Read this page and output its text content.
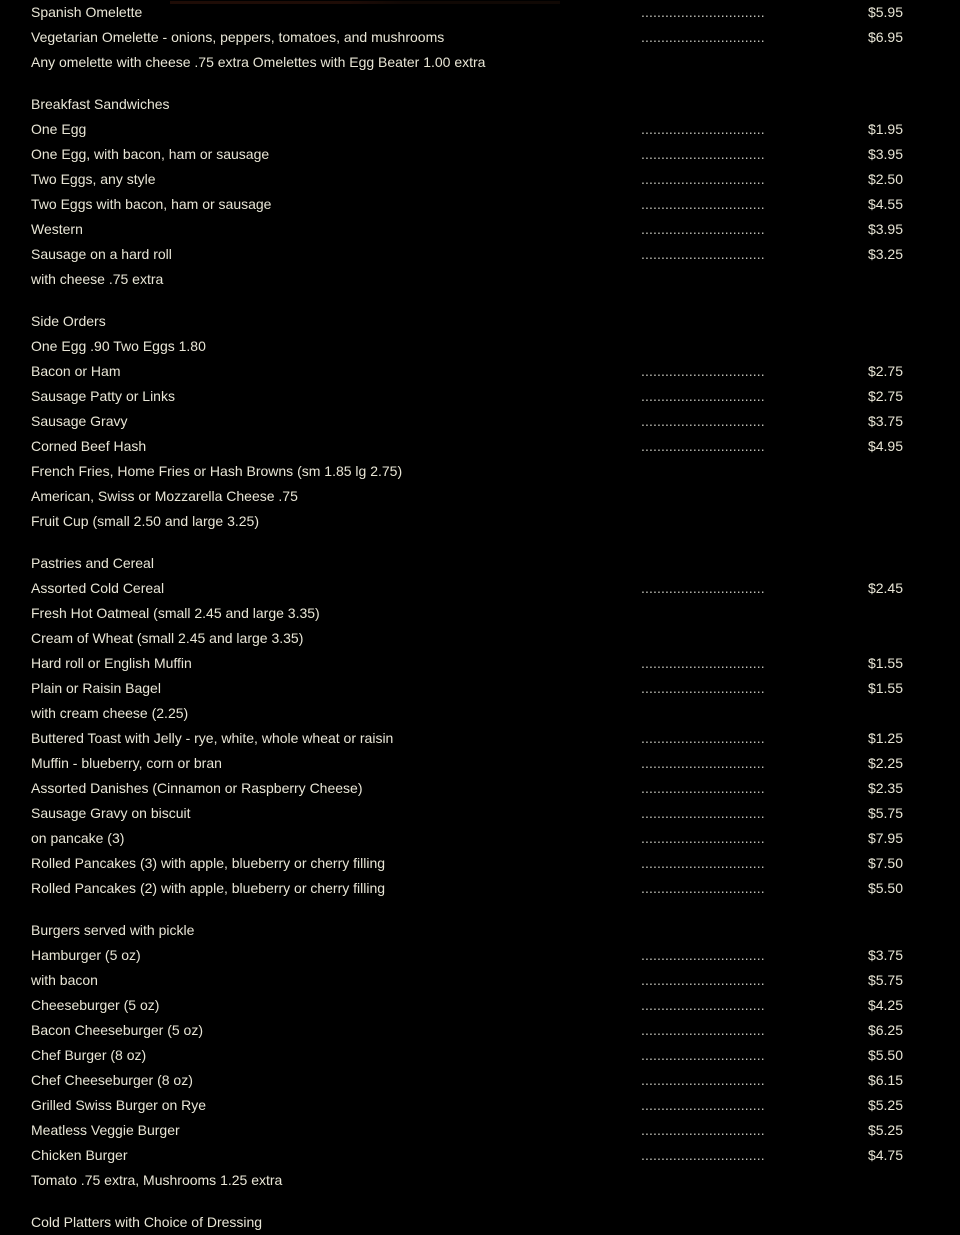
Spanish Omelette	...............................	$5.95
Vegetarian Omelette - onions, peppers, tomatoes, and mushrooms	...............................	$6.95
Any omelette with cheese .75 extra Omelettes with Egg Beater 1.00 extra
Breakfast Sandwiches
One Egg	...............................	$1.95
One Egg, with bacon, ham or sausage	...............................	$3.95
Two Eggs, any style	...............................	$2.50
Two Eggs with bacon, ham or sausage	...............................	$4.55
Western	...............................	$3.95
Sausage on a hard roll	...............................	$3.25
with cheese .75 extra
Side Orders
One Egg .90 Two Eggs 1.80
Bacon or Ham	...............................	$2.75
Sausage Patty or Links	...............................	$2.75
Sausage Gravy	...............................	$3.75
Corned Beef Hash	...............................	$4.95
French Fries, Home Fries or Hash Browns (sm 1.85 lg 2.75)
American, Swiss or Mozzarella Cheese .75
Fruit Cup (small 2.50 and large 3.25)
Pastries and Cereal
Assorted Cold Cereal	...............................	$2.45
Fresh Hot Oatmeal (small 2.45 and large 3.35)
Cream of Wheat (small 2.45 and large 3.35)
Hard roll or English Muffin	...............................	$1.55
Plain or Raisin Bagel	...............................	$1.55
with cream cheese (2.25)
Buttered Toast with Jelly - rye, white, whole wheat or raisin	...............................	$1.25
Muffin - blueberry, corn or bran	...............................	$2.25
Assorted Danishes (Cinnamon or Raspberry Cheese)	...............................	$2.35
Sausage Gravy on biscuit	...............................	$5.75
on pancake (3)	...............................	$7.95
Rolled Pancakes (3) with apple, blueberry or cherry filling	...............................	$7.50
Rolled Pancakes (2) with apple, blueberry or cherry filling	...............................	$5.50
Burgers served with pickle
Hamburger (5 oz)	...............................	$3.75
with bacon	...............................	$5.75
Cheeseburger (5 oz)	...............................	$4.25
Bacon Cheeseburger (5 oz)	...............................	$6.25
Chef Burger (8 oz)	...............................	$5.50
Chef Cheeseburger (8 oz)	...............................	$6.15
Grilled Swiss Burger on Rye	...............................	$5.25
Meatless Veggie Burger	...............................	$5.25
Chicken Burger	...............................	$4.75
Tomato .75 extra, Mushrooms 1.25 extra
Cold Platters with Choice of Dressing
